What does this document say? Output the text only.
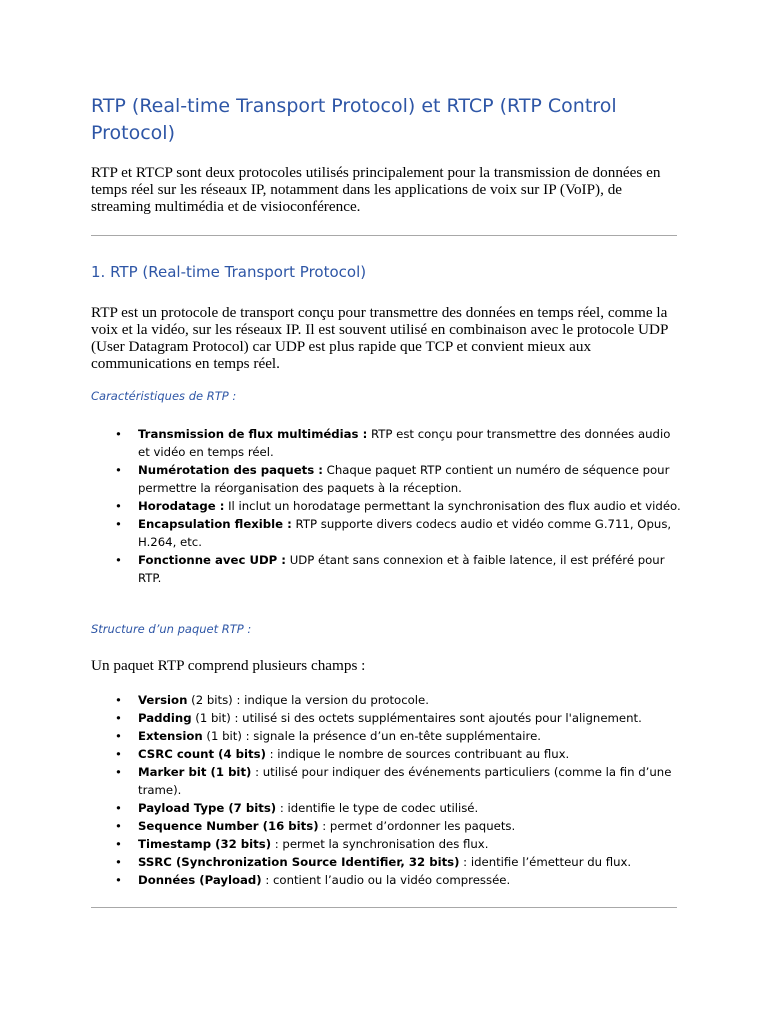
RTP (Real-time Transport Protocol) et RTCP (RTP Control Protocol)

RTP et RTCP sont deux protocoles utilisés principalement pour la transmission de données en temps réel sur les réseaux IP, notamment dans les applications de voix sur IP (VoIP), de streaming multimédia et de visioconférence.

1. RTP (Real-time Transport Protocol)

RTP est un protocole de transport conçu pour transmettre des données en temps réel, comme la voix et la vidéo, sur les réseaux IP. Il est souvent utilisé en combinaison avec le protocole UDP (User Datagram Protocol) car UDP est plus rapide que TCP et convient mieux aux communications en temps réel.

Caractéristiques de RTP :
• Transmission de flux multimédias : RTP est conçu pour transmettre des données audio et vidéo en temps réel.
• Numérotation des paquets : Chaque paquet RTP contient un numéro de séquence pour permettre la réorganisation des paquets à la réception.
• Horodatage : Il inclut un horodatage permettant la synchronisation des flux audio et vidéo.
• Encapsulation flexible : RTP supporte divers codecs audio et vidéo comme G.711, Opus, H.264, etc.
• Fonctionne avec UDP : UDP étant sans connexion et à faible latence, il est préféré pour RTP.
Structure d’un paquet RTP :

Un paquet RTP comprend plusieurs champs :

• Version (2 bits) : indique la version du protocole.
• Padding (1 bit) : utilisé si des octets supplémentaires sont ajoutés pour l'alignement.
• Extension (1 bit) : signale la présence d’un en-tête supplémentaire.
• CSRC count (4 bits) : indique le nombre de sources contribuant au flux.
• Marker bit (1 bit) : utilisé pour indiquer des événements particuliers (comme la fin d’une trame).
• Payload Type (7 bits) : identifie le type de codec utilisé.
• Sequence Number (16 bits) : permet d’ordonner les paquets.
• Timestamp (32 bits) : permet la synchronisation des flux.
• SSRC (Synchronization Source Identifier, 32 bits) : identifie l’émetteur du flux.
• Données (Payload) : contient l’audio ou la vidéo compressée.
